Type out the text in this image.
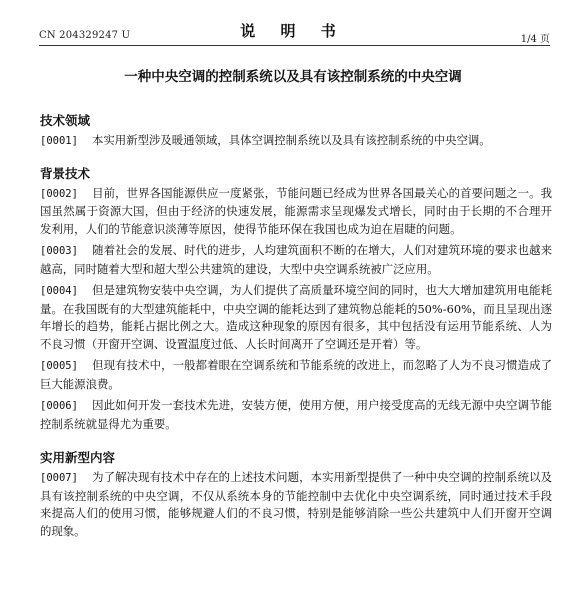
CN 204329247 U	说 明 书	1/4 页
一种中央空调的控制系统以及具有该控制系统的中央空调
技术领域

[0001] 本实用新型涉及暖通领域，具体空调控制系统以及具有该控制系统的中央空调。

背景技术

[0002] 目前，世界各国能源供应一度紧张，节能问题已经成为世界各国最关心的首要问题之一。我国虽然属于资源大国，但由于经济的快速发展，能源需求呈现爆发式增长，同时由于长期的不合理开发利用，人们的节能意识淡薄等原因，使得节能环保在我国也成为迫在眉睫的问题。

[0003] 随着社会的发展、时代的进步，人均建筑面积不断的在增大，人们对建筑环境的要求也越来越高，同时随着大型和超大型公共建筑的建设，大型中央空调系统被广泛应用。

[0004] 但是建筑物安装中央空调，为人们提供了高质量环境空间的同时，也大大增加建筑用电能耗量。在我国既有的大型建筑能耗中，中央空调的能耗达到了建筑物总能耗的50%-60%，而且呈现出逐年增长的趋势，能耗占据比例之大。造成这种现象的原因有很多，其中包括没有运用节能系统、人为不良习惯（开窗开空调、设置温度过低、人长时间离开了空调还是开着）等。

[0005] 但现有技术中，一般都着眼在空调系统和节能系统的改进上，而忽略了人为不良习惯造成了巨大能源浪费。

[0006] 因此如何开发一套技术先进，安装方便，使用方便，用户接受度高的无线无源中央空调节能控制系统就显得尤为重要。

实用新型内容

[0007] 为了解决现有技术中存在的上述技术问题，本实用新型提供了一种中央空调的控制系统以及具有该控制系统的中央空调，不仅从系统本身的节能控制中去优化中央空调系统，同时通过技术手段来提高人们的使用习惯，能够规避人们的不良习惯，特别是能够消除一些公共建筑中人们开窗开空调的现象。
